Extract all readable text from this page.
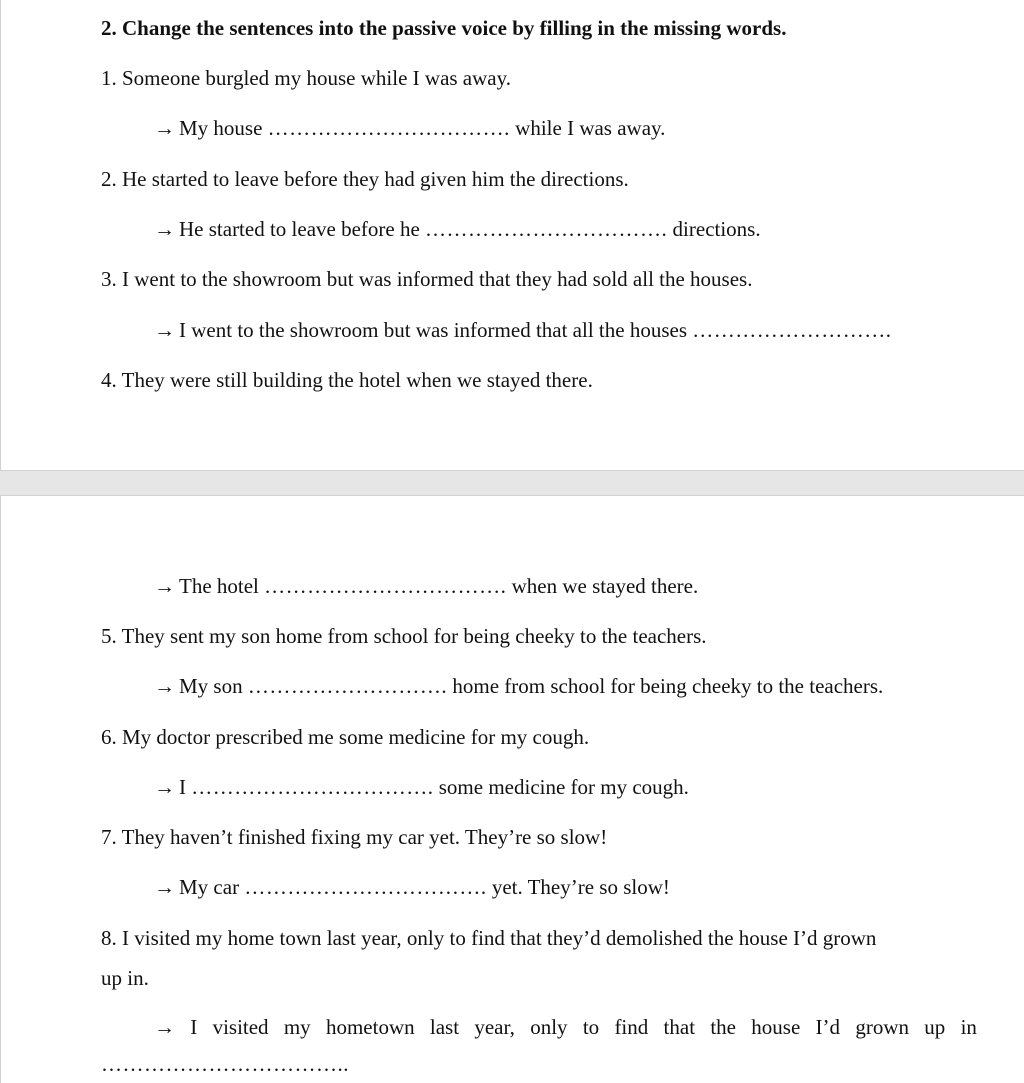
2. Change the sentences into the passive voice by filling in the missing words.
1. Someone burgled my house while I was away.
→ My house ……………………………. while I was away.
2. He started to leave before they had given him the directions.
→ He started to leave before he ……………………………. directions.
3. I went to the showroom but was informed that they had sold all the houses.
→ I went to the showroom but was informed that all the houses ……………………….
4. They were still building the hotel when we stayed there.
→ The hotel ……………………………. when we stayed there.
5. They sent my son home from school for being cheeky to the teachers.
→ My son ………………………. home from school for being cheeky to the teachers.
6. My doctor prescribed me some medicine for my cough.
→ I ……………………………. some medicine for my cough.
7. They haven’t finished fixing my car yet. They’re so slow!
→ My car ……………………………. yet. They’re so slow!
8. I visited my home town last year, only to find that they’d demolished the house I’d grown
up in.
→ I visited my hometown last year, only to find that the house I’d grown up in
……………………………..
